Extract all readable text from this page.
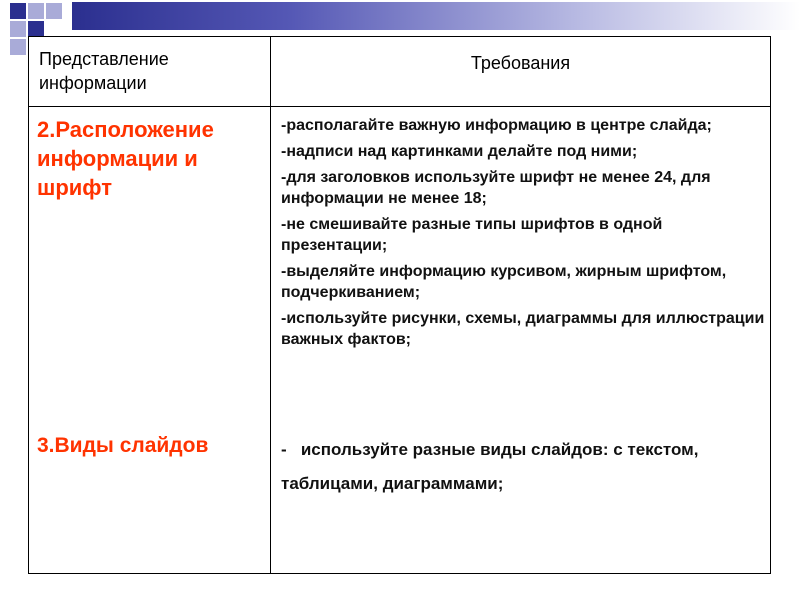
Представление информации
Требования
2.Расположение информации и шрифт
3.Виды слайдов
-располагайте важную информацию в центре слайда;
-надписи над картинками делайте под ними;
-для заголовков используйте шрифт не менее 24, для информации не менее 18;
-не смешивайте разные типы шрифтов в одной презентации;
-выделяйте информацию курсивом, жирным шрифтом, подчеркиванием;
-используйте рисунки, схемы, диаграммы для иллюстрации важных фактов;
-   используйте разные виды слайдов: с текстом,  таблицами, диаграммами;
